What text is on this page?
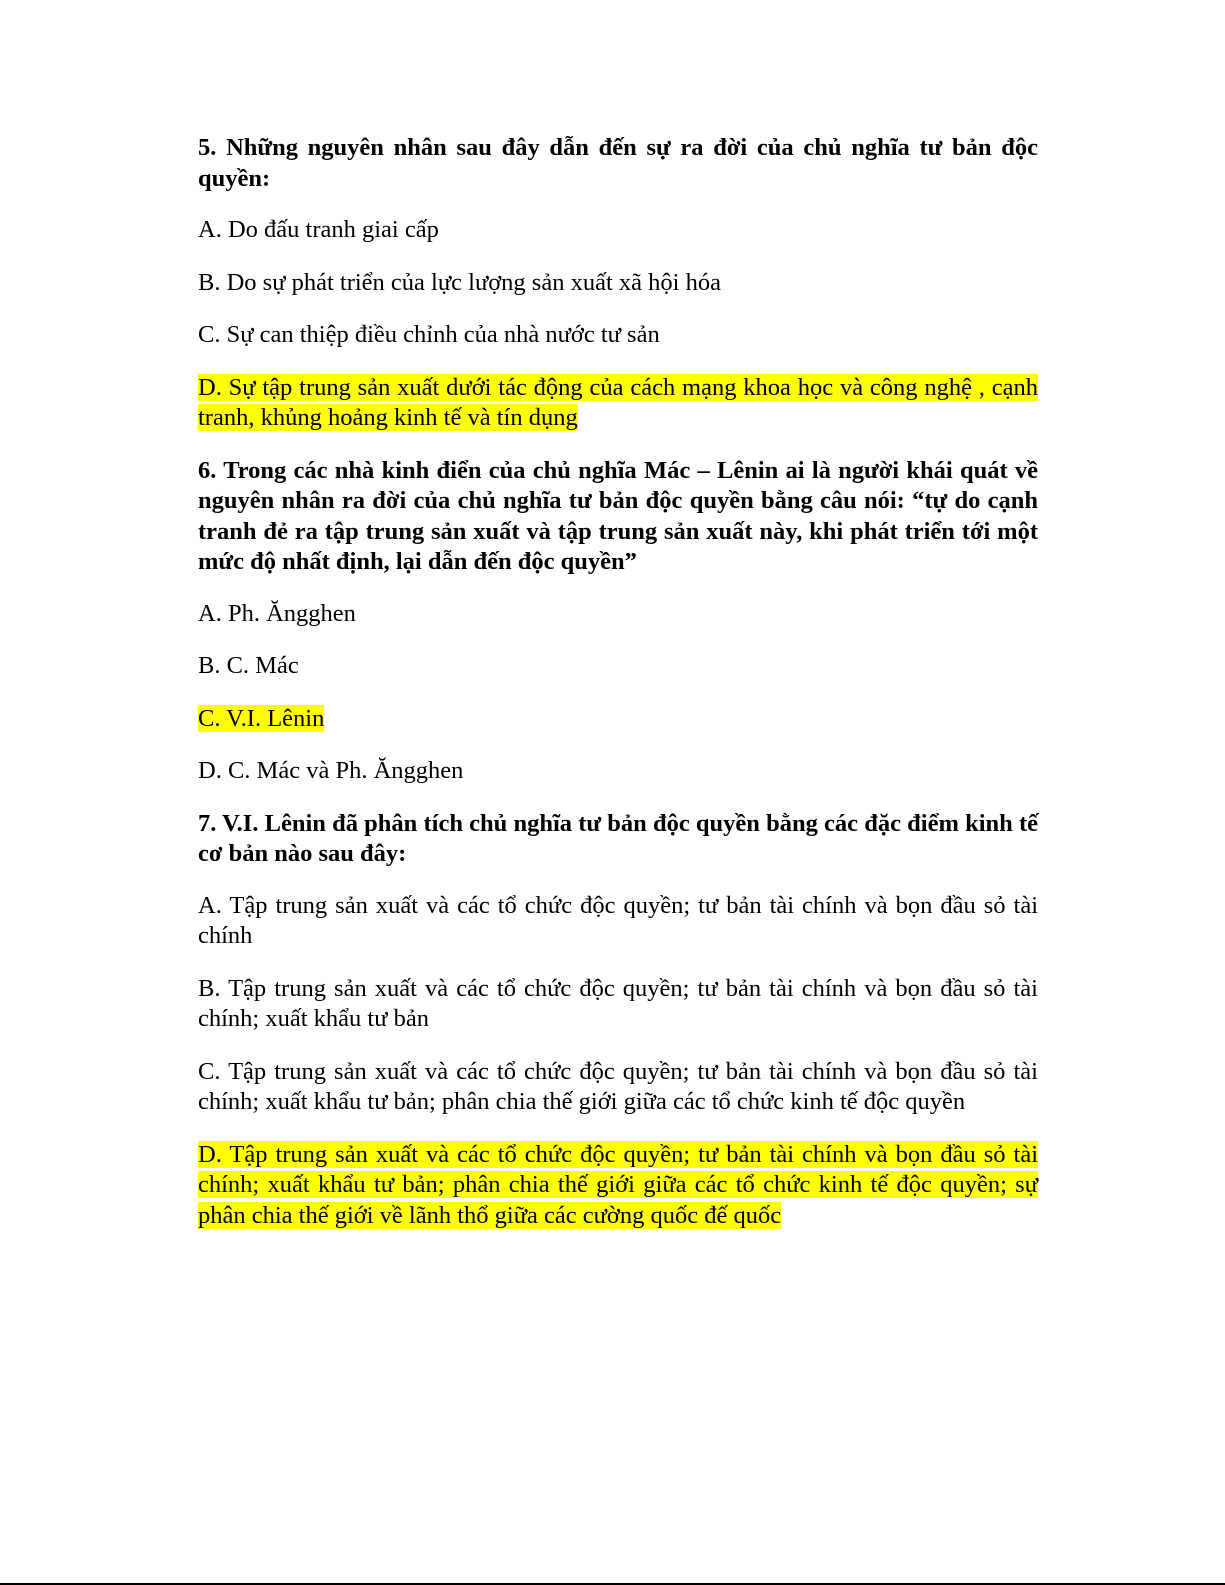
5. Những nguyên nhân sau đây dẫn đến sự ra đời của chủ nghĩa tư bản độc quyền:

A. Do đấu tranh giai cấp

B. Do sự phát triển của lực lượng sản xuất xã hội hóa

C. Sự can thiệp điều chỉnh của nhà nước tư sản

D. Sự tập trung sản xuất dưới tác động của cách mạng khoa học và công nghệ , cạnh tranh, khủng hoảng kinh tế và tín dụng

6. Trong các nhà kinh điển của chủ nghĩa Mác – Lênin ai là người khái quát về nguyên nhân ra đời của chủ nghĩa tư bản độc quyền bằng câu nói: “tự do cạnh tranh đẻ ra tập trung sản xuất và tập trung sản xuất này, khi phát triển tới một mức độ nhất định, lại dẫn đến độc quyền”

A. Ph. Ăngghen

B. C. Mác

C. V.I. Lênin

D. C. Mác và Ph. Ăngghen

7. V.I. Lênin đã phân tích chủ nghĩa tư bản độc quyền bằng các đặc điểm kinh tế cơ bản nào sau đây:

A. Tập trung sản xuất và các tổ chức độc quyền; tư bản tài chính và bọn đầu sỏ tài chính

B. Tập trung sản xuất và các tổ chức độc quyền; tư bản tài chính và bọn đầu sỏ tài chính; xuất khẩu tư bản

C. Tập trung sản xuất và các tổ chức độc quyền; tư bản tài chính và bọn đầu sỏ tài chính; xuất khẩu tư bản; phân chia thế giới giữa các tổ chức kinh tế độc quyền

D. Tập trung sản xuất và các tổ chức độc quyền; tư bản tài chính và bọn đầu sỏ tài chính; xuất khẩu tư bản; phân chia thế giới giữa các tổ chức kinh tế độc quyền; sự phân chia thế giới về lãnh thổ giữa các cường quốc đế quốc
